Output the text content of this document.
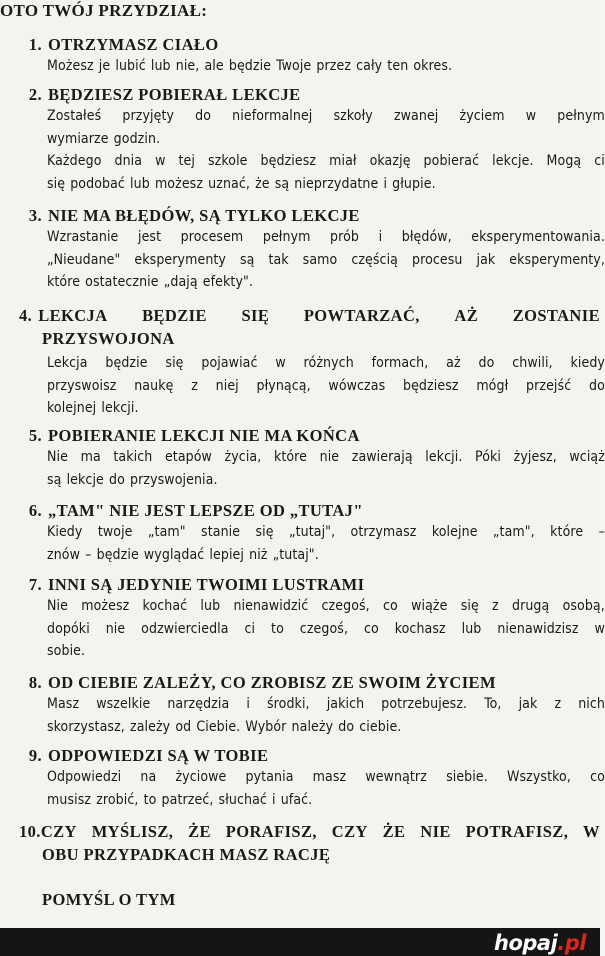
OTO TWÓJ PRZYDZIAŁ:
1. OTRZYMASZ CIAŁO
Możesz je lubić lub nie, ale będzie Twoje przez cały ten okres.
2. BĘDZIESZ POBIERAŁ LEKCJE
Zostałeś przyjęty do nieformalnej szkoły zwanej życiem w pełnym
wymiarze godzin.
Każdego dnia w tej szkole będziesz miał okazję pobierać lekcje. Mogą ci
się podobać lub możesz uznać, że są nieprzydatne i głupie.
3. NIE MA BŁĘDÓW, SĄ TYLKO LEKCJE
Wzrastanie jest procesem pełnym prób i błędów, eksperymentowania.
„Nieudane" eksperymenty są tak samo częścią procesu jak eksperymenty,
które ostatecznie „dają efekty".
4. LEKCJA BĘDZIE SIĘ POWTARZAĆ, AŻ ZOSTANIE
PRZYSWOJONA
Lekcja będzie się pojawiać w różnych formach, aż do chwili, kiedy
przyswoisz naukę z niej płynącą, wówczas będziesz mógł przejść do
kolejnej lekcji.
5. POBIERANIE LEKCJI NIE MA KOŃCA
Nie ma takich etapów życia, które nie zawierają lekcji. Póki żyjesz, wciąż
są lekcje do przyswojenia.
6. „TAM" NIE JEST LEPSZE OD „TUTAJ"
Kiedy twoje „tam" stanie się „tutaj", otrzymasz kolejne „tam", które –
znów – będzie wyglądać lepiej niż „tutaj".
7. INNI SĄ JEDYNIE TWOIMI LUSTRAMI
Nie możesz kochać lub nienawidzić czegoś, co wiąże się z drugą osobą,
dopóki nie odzwierciedla ci to czegoś, co kochasz lub nienawidzisz w
sobie.
8. OD CIEBIE ZALEŻY, CO ZROBISZ ZE SWOIM ŻYCIEM
Masz wszelkie narzędzia i środki, jakich potrzebujesz. To, jak z nich
skorzystasz, zależy od Ciebie. Wybór należy do ciebie.
9. ODPOWIEDZI SĄ W TOBIE
Odpowiedzi na życiowe pytania masz wewnątrz siebie. Wszystko, co
musisz zrobić, to patrzeć, słuchać i ufać.
10. CZY MYŚLISZ, ŻE PORAFISZ, CZY ŻE NIE POTRAFISZ, W
OBU PRZYPADKACH MASZ RACJĘ
POMYŚL O TYM
hopaj.pl
